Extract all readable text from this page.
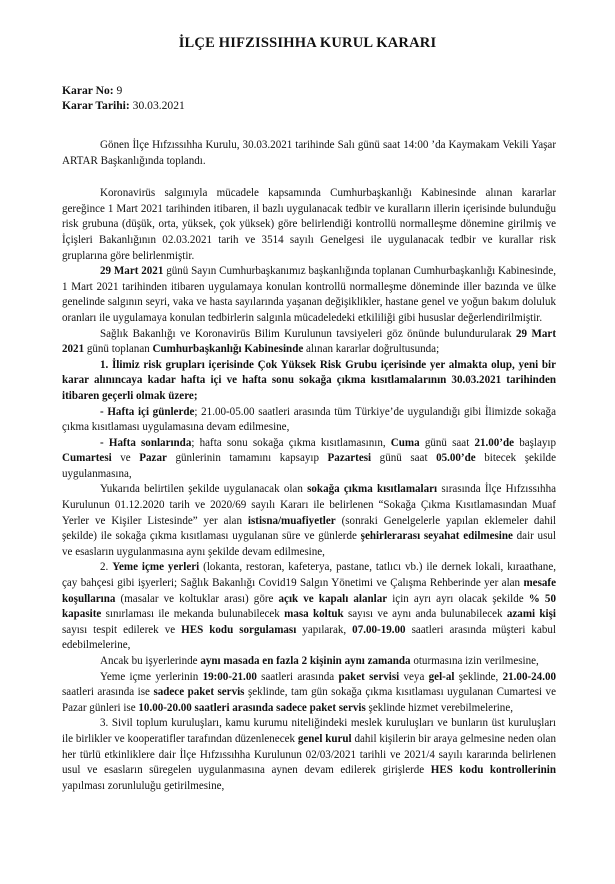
İLÇE HIFZISSIHHA KURUL KARARI
Karar No: 9
Karar Tarihi: 30.03.2021

Gönen İlçe Hıfzıssıhha Kurulu, 30.03.2021 tarihinde Salı günü saat 14:00 ’da Kaymakam Vekili Yaşar ARTAR Başkanlığında toplandı.

Koronavirüs salgınıyla mücadele kapsamında Cumhurbaşkanlığı Kabinesinde alınan kararlar gereğince 1 Mart 2021 tarihinden itibaren, il bazlı uygulanacak tedbir ve kuralların illerin içerisinde bulunduğu risk grubuna (düşük, orta, yüksek, çok yüksek) göre belirlendiği kontrollü normalleşme dönemine girilmiş ve İçişleri Bakanlığının 02.03.2021 tarih ve 3514 sayılı Genelgesi ile uygulanacak tedbir ve kurallar risk gruplarına göre belirlenmiştir.

29 Mart 2021 günü Sayın Cumhurbaşkanımız başkanlığında toplanan Cumhurbaşkanlığı Kabinesinde, 1 Mart 2021 tarihinden itibaren uygulamaya konulan kontrollü normalleşme döneminde iller bazında ve ülke genelinde salgının seyri, vaka ve hasta sayılarında yaşanan değişiklikler, hastane genel ve yoğun bakım doluluk oranları ile uygulamaya konulan tedbirlerin salgınla mücadeledeki etkililiği gibi hususlar değerlendirilmiştir.

Sağlık Bakanlığı ve Koronavirüs Bilim Kurulunun tavsiyeleri göz önünde bulundurularak 29 Mart 2021 günü toplanan Cumhurbaşkanlığı Kabinesinde alınan kararlar doğrultusunda;

1. İlimiz risk grupları içerisinde Çok Yüksek Risk Grubu içerisinde yer almakta olup, yeni bir karar alınıncaya kadar hafta içi ve hafta sonu sokağa çıkma kısıtlamalarının 30.03.2021 tarihinden itibaren geçerli olmak üzere;

- Hafta içi günlerde; 21.00-05.00 saatleri arasında tüm Türkiye’de uygulandığı gibi İlimizde sokağa çıkma kısıtlaması uygulamasına devam edilmesine,

- Hafta sonlarında; hafta sonu sokağa çıkma kısıtlamasının, Cuma günü saat 21.00’de başlayıp Cumartesi ve Pazar günlerinin tamamını kapsayıp Pazartesi günü saat 05.00’de bitecek şekilde uygulanmasına,

Yukarıda belirtilen şekilde uygulanacak olan sokağa çıkma kısıtlamaları sırasında İlçe Hıfzıssıhha Kurulunun 01.12.2020 tarih ve 2020/69 sayılı Kararı ile belirlenen “Sokağa Çıkma Kısıtlamasından Muaf Yerler ve Kişiler Listesinde” yer alan istisna/muafiyetler (sonraki Genelgelerle yapılan eklemeler dahil şekilde) ile sokağa çıkma kısıtlaması uygulanan süre ve günlerde şehirlerarası seyahat edilmesine dair usul ve esasların uygulanmasına aynı şekilde devam edilmesine,

2. Yeme içme yerleri (lokanta, restoran, kafeterya, pastane, tatlıcı vb.) ile dernek lokali, kıraathane, çay bahçesi gibi işyerleri; Sağlık Bakanlığı Covid19 Salgın Yönetimi ve Çalışma Rehberinde yer alan mesafe koşullarına (masalar ve koltuklar arası) göre açık ve kapalı alanlar için ayrı ayrı olacak şekilde % 50 kapasite sınırlaması ile mekanda bulunabilecek masa koltuk sayısı ve aynı anda bulunabilecek azami kişi sayısı tespit edilerek ve HES kodu sorgulaması yapılarak, 07.00-19.00 saatleri arasında müşteri kabul edebilmelerine,

Ancak bu işyerlerinde aynı masada en fazla 2 kişinin aynı zamanda oturmasına izin verilmesine,

Yeme içme yerlerinin 19:00-21.00 saatleri arasında paket servisi veya gel-al şeklinde, 21.00-24.00 saatleri arasında ise sadece paket servis şeklinde, tam gün sokağa çıkma kısıtlaması uygulanan Cumartesi ve Pazar günleri ise 10.00-20.00 saatleri arasında sadece paket servis şeklinde hizmet verebilmelerine,

3. Sivil toplum kuruluşları, kamu kurumu niteliğindeki meslek kuruluşları ve bunların üst kuruluşları ile birlikler ve kooperatifler tarafından düzenlenecek genel kurul dahil kişilerin bir araya gelmesine neden olan her türlü etkinliklere dair İlçe Hıfzıssıhha Kurulunun 02/03/2021 tarihli ve 2021/4 sayılı kararında belirlenen usul ve esasların süregelen uygulanmasına aynen devam edilerek girişlerde HES kodu kontrollerinin yapılması zorunluluğu getirilmesine,
